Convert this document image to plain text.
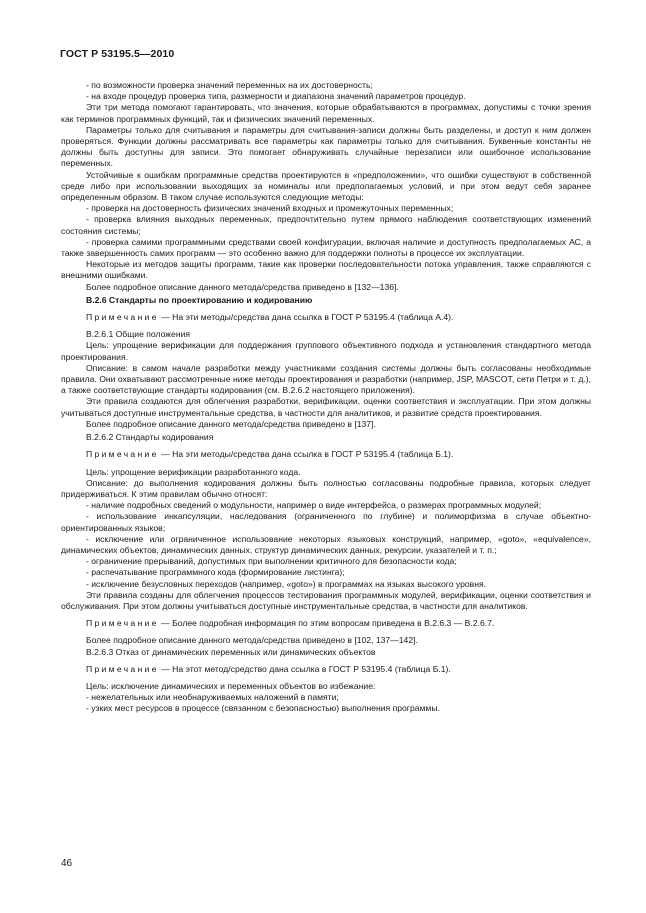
ГОСТ Р 53195.5—2010

- по возможности проверка значений переменных на их достоверность;

- на входе процедур проверка типа, размерности и диапазона значений параметров процедур.

Эти три метода помогают гарантировать, что значения, которые обрабатываются в программах, допустимы с точки зрения как терминов программных функций, так и физических значений переменных.

Параметры только для считывания и параметры для считывания-записи должны быть разделены, и доступ к ним должен проверяться. Функции должны рассматривать все параметры как параметры только для считывания. Буквенные константы не должны быть доступны для записи. Это помогает обнаруживать случайные перезаписи или ошибочное использование переменных.

Устойчивые к ошибкам программные средства проектируются в «предположении», что ошибки существуют в собственной среде либо при использовании выходящих за номиналы или предполагаемых условий, и при этом ведут себя заранее определенным образом. В таком случае используются следующие методы:

- проверка на достоверность физических значений входных и промежуточных переменных;

- проверка влияния выходных переменных, предпочтительно путем прямого наблюдения соответствующих изменений состояния системы;

- проверка самими программными средствами своей конфигурации, включая наличие и доступность предполагаемых АС, а также завершенность самих программ — это особенно важно для поддержки полноты в процессе их эксплуатации.

Некоторые из методов защиты программ, такие как проверки последовательности потока управления, также справляются с внешними ошибками.

Более подробное описание данного метода/средства приведено в [132—136].

В.2.6 Стандарты по проектированию и кодированию

Примечание — На эти методы/средства дана ссылка в ГОСТ Р 53195.4 (таблица А.4).

В.2.6.1 Общие положения

Цель: упрощение верификации для поддержания группового объективного подхода и установления стандартного метода проектирования.

Описание: в самом начале разработки между участниками создания системы должны быть согласованы необходимые правила. Они охватывают рассмотренные ниже методы проектирования и разработки (например, JSP, MASCOT, сети Петри и т. д.), а также соответствующие стандарты кодирования (см. В.2.6.2 настоящего приложения).

Эти правила создаются для облегчения разработки, верификации, оценки соответствия и эксплуатации. При этом должны учитываться доступные инструментальные средства, в частности для аналитиков, и развитие средств проектирования.

Более подробное описание данного метода/средства приведено в [137].

В.2.6.2 Стандарты кодирования

Примечание — На эти методы/средства дана ссылка в ГОСТ Р 53195.4 (таблица Б.1).

Цель: упрощение верификации разработанного кода.

Описание: до выполнения кодирования должны быть полностью согласованы подробные правила, которых следует придерживаться. К этим правилам обычно относят:

- наличие подробных сведений о модульности, например о виде интерфейса, о размерах программных модулей;

- использование инкапсуляции, наследования (ограниченного по глубине) и полиморфизма в случае объектно-ориентированных языков;

- исключение или ограниченное использование некоторых языковых конструкций, например, «goto», «equivalence», динамических объектов, динамических данных, структур динамических данных, рекурсии, указателей и т. п.;

- ограничение прерываний, допустимых при выполнении критичного для безопасности кода;

- распечатывание программного кода (формирование листинга);

- исключение безусловных переходов (например, «goto») в программах на языках высокого уровня.

Эти правила созданы для облегчения процессов тестирования программных модулей, верификации, оценки соответствия и обслуживания. При этом должны учитываться доступные инструментальные средства, в частности для аналитиков.

Примечание — Более подробная информация по этим вопросам приведена в В.2.6.3 — В.2.6.7.

Более подробное описание данного метода/средства приведено в [102, 137—142].

В.2.6.3 Отказ от динамических переменных или динамических объектов

Примечание — На этот метод/средство дана ссылка в ГОСТ Р 53195.4 (таблица Б.1).

Цель: исключение динамических и переменных объектов во избежание:

- нежелательных или необнаруживаемых наложений в памяти;

- узких мест ресурсов в процессе (связанном с безопасностью) выполнения программы.

46
